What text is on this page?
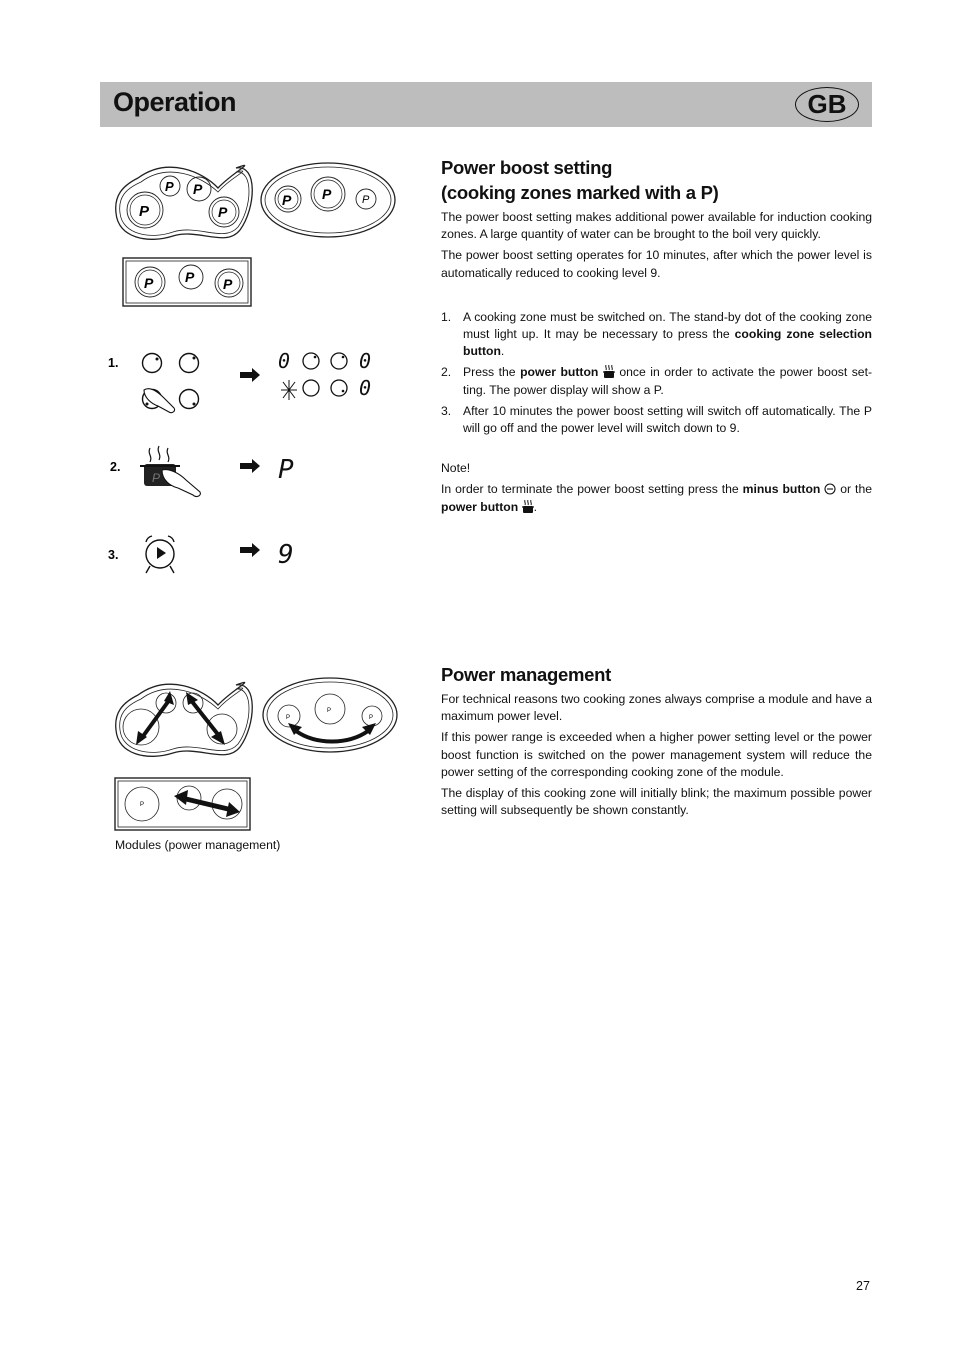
Operation	GB
P P
P	P
P P	P
P P P
1.	0	0
0
2.
P	P
3.	9
P
P
P
P
Modules (power management)
Power boost setting
(cooking zones marked with a P)

The power boost setting makes additional power available for induction cooking zones. A large quantity of water can be brought to the boil very quickly.

The power boost setting operates for 10 minutes, after which the power level is automatically reduced to cooking level 9.

1. A cooking zone must be switched on. The stand-by dot of the cooking zone must light up. It may be necessary to press the cooking zone selection button.
2. Press the power button  once in order to activate the power boost set-ting. The power display will show a P.
3. After 10 minutes the power boost setting will switch off automatically. The P will go off and the power level will switch down to 9.

Note!

In order to terminate the power boost setting press the minus button  or the power button .

Power management

For technical reasons two cooking zones always comprise a module and have a maximum power level.

If this power range is exceeded when a higher power setting level or the power boost function is switched on the power management system will reduce the power setting of the corresponding cooking zone of the module.

The display of this cooking zone will initially blink; the maximum possible power setting will subsequently be shown constantly.

27
